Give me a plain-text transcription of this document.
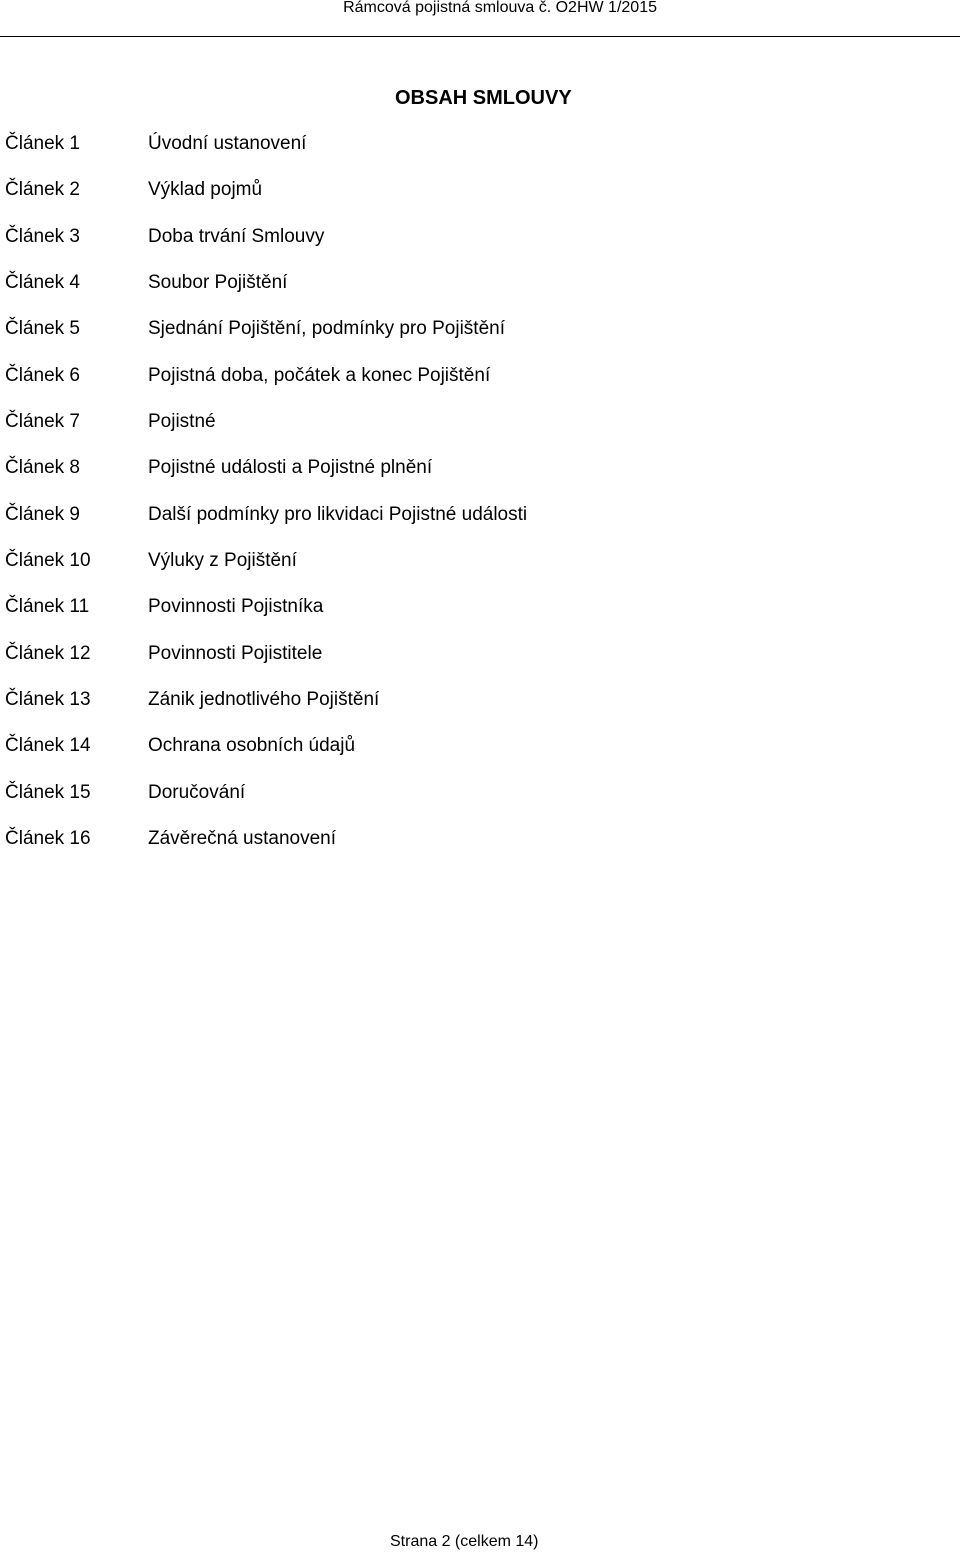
Rámcová pojistná smlouva č. O2HW 1/2015
OBSAH SMLOUVY
Článek 1	Úvodní ustanovení
Článek 2	Výklad pojmů
Článek 3	Doba trvání Smlouvy
Článek 4	Soubor Pojištění
Článek 5	Sjednání Pojištění, podmínky pro Pojištění
Článek 6	Pojistná doba, počátek a konec Pojištění
Článek 7	Pojistné
Článek 8	Pojistné události a Pojistné plnění
Článek 9	Další podmínky pro likvidaci Pojistné události
Článek 10	Výluky z Pojištění
Článek 11	Povinnosti Pojistníka
Článek 12	Povinnosti Pojistitele
Článek 13	Zánik jednotlivého Pojištění
Článek 14	Ochrana osobních údajů
Článek 15	Doručování
Článek 16	Závěrečná ustanovení
Strana 2 (celkem 14)
